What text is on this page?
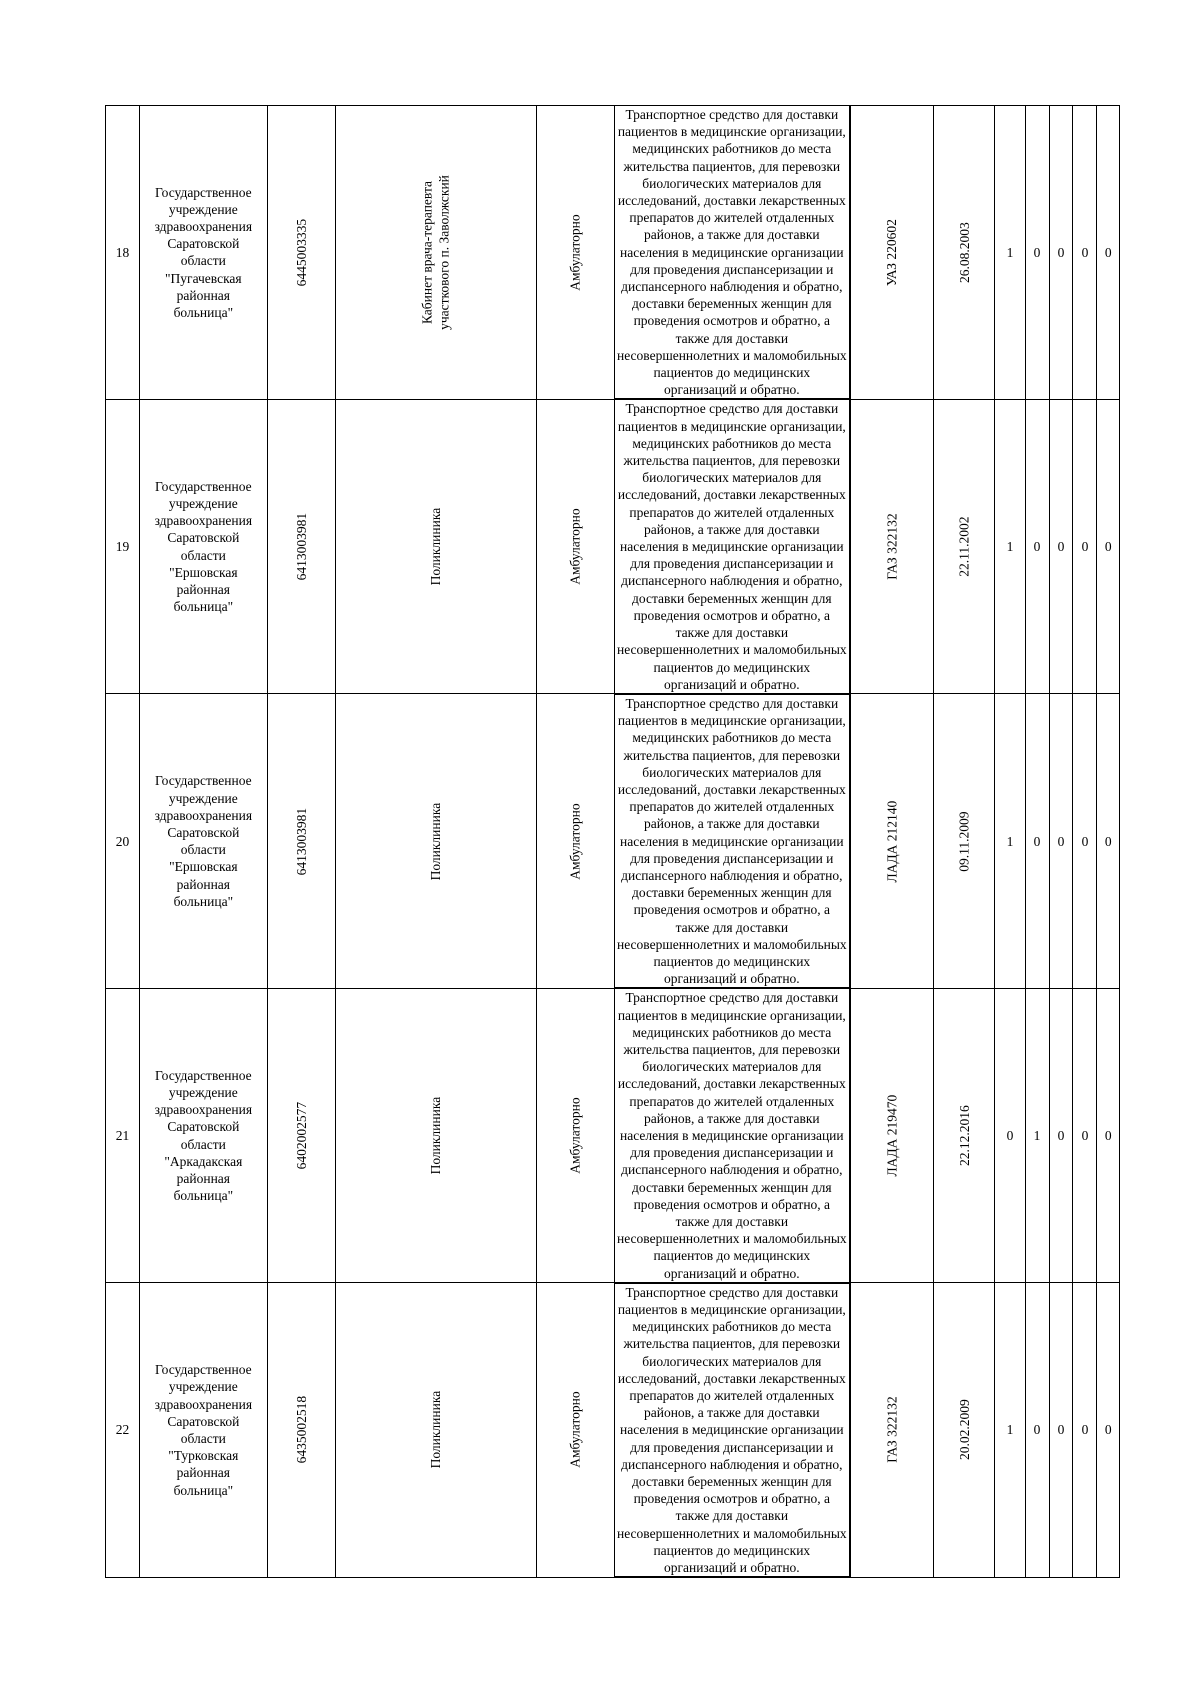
18	Государственное учреждение здравоохранения Саратовской области "Пугачевская районная больница"	6445003335	Кабинет врача-терапевта участкового п. Заволжский	Амбулаторно	Транспортное средство для доставки пациентов в медицинские организации, медицинских работников до места жительства пациентов, для перевозки биологических материалов для исследований, доставки лекарственных препаратов до жителей отдаленных районов, а также для доставки населения в медицинские организации для проведения диспансеризации и диспансерного наблюдения и обратно, доставки беременных женщин для проведения осмотров и обратно, а также для доставки несовершеннолетних и маломобильных пациентов до медицинских организаций и обратно.	УАЗ 220602	26.08.2003	1	0	0	0	0
19	Государственное учреждение здравоохранения Саратовской области "Ершовская районная больница"	6413003981	Поликлиника	Амбулаторно	Транспортное средство для доставки пациентов в медицинские организации, медицинских работников до места жительства пациентов, для перевозки биологических материалов для исследований, доставки лекарственных препаратов до жителей отдаленных районов, а также для доставки населения в медицинские организации для проведения диспансеризации и диспансерного наблюдения и обратно, доставки беременных женщин для проведения осмотров и обратно, а также для доставки несовершеннолетних и маломобильных пациентов до медицинских организаций и обратно.	ГАЗ 322132	22.11.2002	1	0	0	0	0
20	Государственное учреждение здравоохранения Саратовской области "Ершовская районная больница"	6413003981	Поликлиника	Амбулаторно	Транспортное средство для доставки пациентов в медицинские организации, медицинских работников до места жительства пациентов, для перевозки биологических материалов для исследований, доставки лекарственных препаратов до жителей отдаленных районов, а также для доставки населения в медицинские организации для проведения диспансеризации и диспансерного наблюдения и обратно, доставки беременных женщин для проведения осмотров и обратно, а также для доставки несовершеннолетних и маломобильных пациентов до медицинских организаций и обратно.	ЛАДА 212140	09.11.2009	1	0	0	0	0
21	Государственное учреждение здравоохранения Саратовской области "Аркадакская районная больница"	6402002577	Поликлиника	Амбулаторно	Транспортное средство для доставки пациентов в медицинские организации, медицинских работников до места жительства пациентов, для перевозки биологических материалов для исследований, доставки лекарственных препаратов до жителей отдаленных районов, а также для доставки населения в медицинские организации для проведения диспансеризации и диспансерного наблюдения и обратно, доставки беременных женщин для проведения осмотров и обратно, а также для доставки несовершеннолетних и маломобильных пациентов до медицинских организаций и обратно.	ЛАДА 219470	22.12.2016	0	1	0	0	0
22	Государственное учреждение здравоохранения Саратовской области "Турковская районная больница"	6435002518	Поликлиника	Амбулаторно	Транспортное средство для доставки пациентов в медицинские организации, медицинских работников до места жительства пациентов, для перевозки биологических материалов для исследований, доставки лекарственных препаратов до жителей отдаленных районов, а также для доставки населения в медицинские организации для проведения диспансеризации и диспансерного наблюдения и обратно, доставки беременных женщин для проведения осмотров и обратно, а также для доставки несовершеннолетних и маломобильных пациентов до медицинских организаций и обратно.	ГАЗ 322132	20.02.2009	1	0	0	0	0
